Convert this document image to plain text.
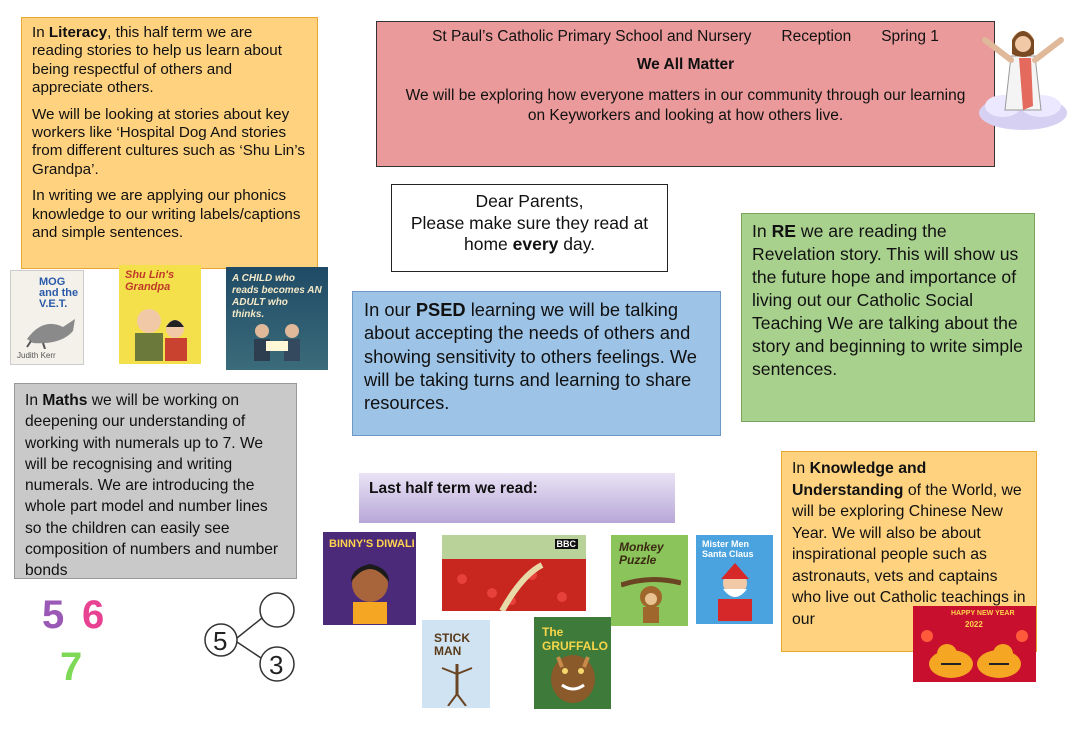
In Literacy, this half term we are reading stories to help us learn about being respectful of others and appreciate others.

We will be looking at stories about key workers like ‘Hospital Dog And stories from different cultures such as ‘Shu Lin’s Grandpa’.

In writing we are applying our phonics knowledge to our writing labels/captions and simple sentences.

St Paul’s Catholic Primary School and Nursery Reception Spring 1
We All Matter
We will be exploring how everyone matters in our community through our learning on Keyworkers and looking at how others live.
Dear Parents,
Please make sure they read at
home every day.
In RE we are reading the Revelation story. This will show us the future hope and importance of living out our Catholic Social Teaching We are talking about the story and beginning to write simple sentences.
In our PSED learning we will be talking about accepting the needs of others and showing sensitivity to others feelings. We will be taking turns and learning to share resources.
In Maths we will be working on deepening our understanding of working with numerals up to 7. We will be recognising and writing numerals. We are introducing the whole part model and number lines so the children can easily see composition of numbers and number bonds
Last half term we read:
In Knowledge and Understanding of the World, we will be exploring Chinese New Year. We will also be about inspirational people such as astronauts, vets and captains who live out Catholic teachings in our
MOG and the V.E.T.
Judith Kerr
Shu Lin's Grandpa
A CHILD who reads becomes AN ADULT who thinks.
5 6
7
5
3
BINNY'S DIWALI	BBC	Monkey Puzzle
Mister Men Santa Claus
STICK MAN
The GRUFFALO
HAPPY NEW YEAR
2022
